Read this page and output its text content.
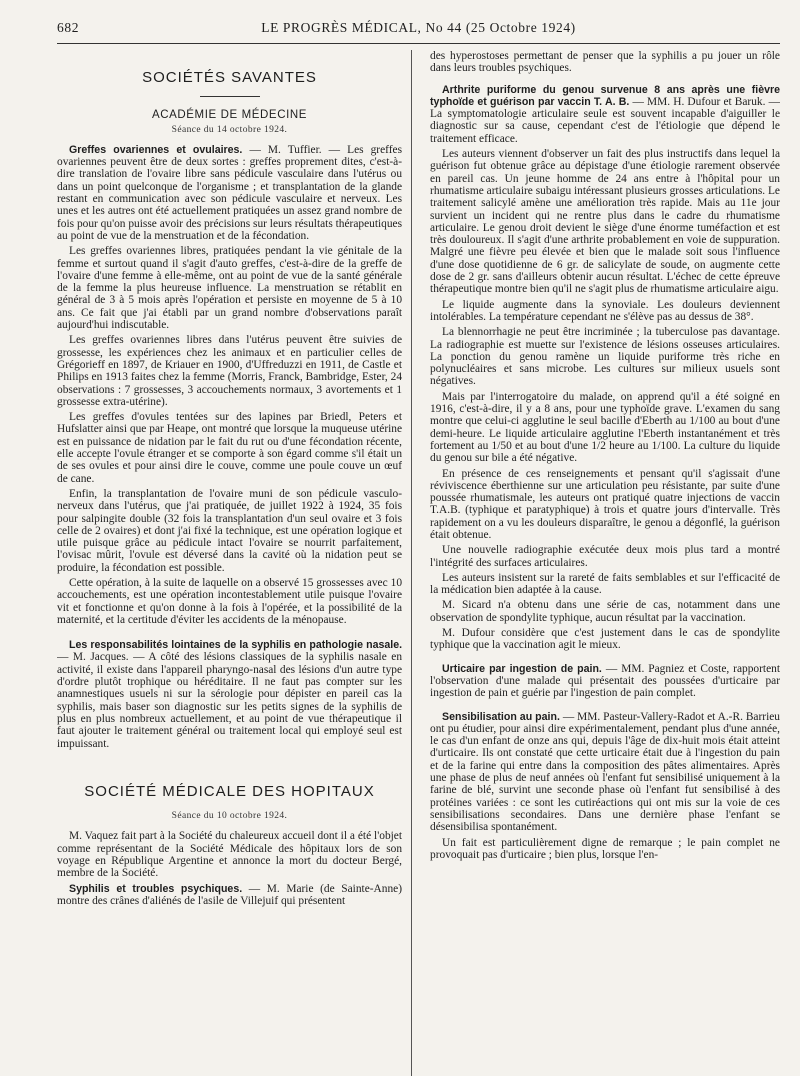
682	LE PROGRÈS MÉDICAL, No 44 (25 Octobre 1924)
SOCIÉTÉS SAVANTES
ACADÉMIE DE MÉDECINE
Séance du 14 octobre 1924.

Greffes ovariennes et ovulaires. — M. Tuffier. — Les greffes ovariennes peuvent être de deux sortes : greffes proprement dites, c'est-à-dire translation de l'ovaire libre sans pédicule vasculaire dans l'utérus ou dans un point quelconque de l'organisme ; et transplantation de la glande restant en communication avec son pédicule vasculaire et nerveux. Les unes et les autres ont été actuellement pratiquées un assez grand nombre de fois pour qu'on puisse avoir des précisions sur leurs résultats thérapeutiques au point de vue de la menstruation et de la fécondation.

Les greffes ovariennes libres, pratiquées pendant la vie génitale de la femme et surtout quand il s'agit d'auto greffes, c'est-à-dire de la greffe de l'ovaire d'une femme à elle-même, ont au point de vue de la santé générale de la femme la plus heureuse influence. La menstruation se rétablit en général de 3 à 5 mois après l'opération et persiste en moyenne de 5 à 10 ans. Ce fait que j'ai établi par un grand nombre d'observations paraît aujourd'hui indiscutable.

Les greffes ovariennes libres dans l'utérus peuvent être suivies de grossesse, les expériences chez les animaux et en particulier celles de Grégorieff en 1897, de Kriauer en 1900, d'Uffreduzzi en 1911, de Castle et Philips en 1913 faites chez la femme (Morris, Franck, Bambridge, Ester, 24 observations : 7 grossesses, 3 accouchements normaux, 3 avortements et 1 grossesse extra-utérine).

Les greffes d'ovules tentées sur des lapines par Briedl, Peters et Hufslatter ainsi que par Heape, ont montré que lorsque la muqueuse utérine est en puissance de nidation par le fait du rut ou d'une fécondation récente, elle accepte l'ovule étranger et se comporte à son égard comme s'il était un de ses ovules et pour ainsi dire le couve, comme une poule couve un œuf de cane.

Enfin, la transplantation de l'ovaire muni de son pédicule vasculo-nerveux dans l'utérus, que j'ai pratiquée, de juillet 1922 à 1924, 35 fois pour salpingite double (32 fois la transplantation d'un seul ovaire et 3 fois celle de 2 ovaires) et dont j'ai fixé la technique, est une opération logique et utile puisque grâce au pédicule intact l'ovaire se nourrit parfaitement, l'ovisac mûrit, l'ovule est déversé dans la cavité où la nidation peut se produire, la fécondation est possible.

Cette opération, à la suite de laquelle on a observé 15 grossesses avec 10 accouchements, est une opération incontestablement utile puisque l'ovaire vit et fonctionne et qu'on donne à la fois à l'opérée, et la possibilité de la maternité, et la certitude d'éviter les accidents de la ménopause.

Les responsabilités lointaines de la syphilis en pathologie nasale. — M. Jacques. — A côté des lésions classiques de la syphilis nasale en activité, il existe dans l'appareil pharyngo-nasal des lésions d'un autre type d'ordre plutôt trophique ou héréditaire. Il ne faut pas compter sur les anamnestiques usuels ni sur la sérologie pour dépister en pareil cas la syphilis, mais baser son diagnostic sur les petits signes de la syphilis de plus en plus nombreux actuellement, et au point de vue thérapeutique il faut ajouter le traitement général ou traitement local qui employé seul est impuissant.

SOCIÉTÉ MÉDICALE DES HOPITAUX
Séance du 10 octobre 1924.

M. Vaquez fait part à la Société du chaleureux accueil dont il a été l'objet comme représentant de la Société Médicale des hôpitaux lors de son voyage en République Argentine et annonce la mort du docteur Bergé, membre de la Société.

Syphilis et troubles psychiques. — M. Marie (de Sainte-Anne) montre des crânes d'aliénés de l'asile de Villejuif qui présentent

des hyperostoses permettant de penser que la syphilis a pu jouer un rôle dans leurs troubles psychiques.

Arthrite puriforme du genou survenue 8 ans après une fièvre typhoïde et guérison par vaccin T. A. B. — MM. H. Dufour et Baruk. — La symptomatologie articulaire seule est souvent incapable d'aiguiller le diagnostic sur sa cause, cependant c'est de l'étiologie que dépend le traitement efficace.

Les auteurs viennent d'observer un fait des plus instructifs dans lequel la guérison fut obtenue grâce au dépistage d'une étiologie rarement observée en pareil cas. Un jeune homme de 24 ans entre à l'hôpital pour un rhumatisme articulaire subaigu intéressant plusieurs grosses articulations. Le traitement salicylé amène une amélioration très rapide. Mais au 11e jour survient un incident qui ne rentre plus dans le cadre du rhumatisme articulaire. Le genou droit devient le siège d'une énorme tuméfaction et est très douloureux. Il s'agit d'une arthrite probablement en voie de suppuration. Malgré une fièvre peu élevée et bien que le malade soit sous l'influence d'une dose quotidienne de 6 gr. de salicylate de soude, on augmente cette dose de 2 gr. sans d'ailleurs obtenir aucun résultat. L'échec de cette épreuve thérapeutique montre bien qu'il ne s'agit plus de rhumatisme articulaire aigu.

Le liquide augmente dans la synoviale. Les douleurs deviennent intolérables. La température cependant ne s'élève pas au dessus de 38°.

La blennorrhagie ne peut être incriminée ; la tuberculose pas davantage. La radiographie est muette sur l'existence de lésions osseuses articulaires. La ponction du genou ramène un liquide puriforme très riche en polynucléaires et sans microbe. Les cultures sur milieux usuels sont négatives.

Mais par l'interrogatoire du malade, on apprend qu'il a été soigné en 1916, c'est-à-dire, il y a 8 ans, pour une typhoïde grave. L'examen du sang montre que celui-ci agglutine le seul bacille d'Eberth au 1/100 au bout d'une demi-heure. Le liquide articulaire agglutine l'Eberth instantanément et très fortement au 1/50 et au bout d'une 1/2 heure au 1/100. La culture du liquide du genou sur bile a été négative.

En présence de ces renseignements et pensant qu'il s'agissait d'une réviviscence éberthienne sur une articulation peu résistante, par suite d'une poussée rhumatismale, les auteurs ont pratiqué quatre injections de vaccin T.A.B. (typhique et paratyphique) à trois et quatre jours d'intervalle. Très rapidement on a vu les douleurs disparaître, le genou a dégonflé, la guérison était obtenue.

Une nouvelle radiographie exécutée deux mois plus tard a montré l'intégrité des surfaces articulaires.

Les auteurs insistent sur la rareté de faits semblables et sur l'efficacité de la médication bien adaptée à la cause.

M. Sicard n'a obtenu dans une série de cas, notamment dans une observation de spondylite typhique, aucun résultat par la vaccination.

M. Dufour considère que c'est justement dans le cas de spondylite typhique que la vaccination agit le mieux.

Urticaire par ingestion de pain. — MM. Pagniez et Coste, rapportent l'observation d'une malade qui présentait des poussées d'urticaire par ingestion de pain et guérie par l'ingestion de pain complet.

Sensibilisation au pain. — MM. Pasteur-Vallery-Radot et A.-R. Barrieu ont pu étudier, pour ainsi dire expérimentalement, pendant plus d'une année, le cas d'un enfant de onze ans qui, depuis l'âge de dix-huit mois était atteint d'urticaire. Ils ont constaté que cette urticaire était due à l'ingestion du pain et de la farine qui entre dans la composition des pâtes alimentaires. Après une phase de plus de neuf années où l'enfant fut sensibilisé uniquement à la farine de blé, survint une seconde phase où l'enfant fut sensibilisé à des protéines variées : ce sont les cutiréactions qui ont mis sur la voie de ces sensibilisations secondaires. Dans une dernière phase l'enfant se désensibilisa spontanément.

Un fait est particulièrement digne de remarque ; le pain complet ne provoquait pas d'urticaire ; bien plus, lorsque l'en-
